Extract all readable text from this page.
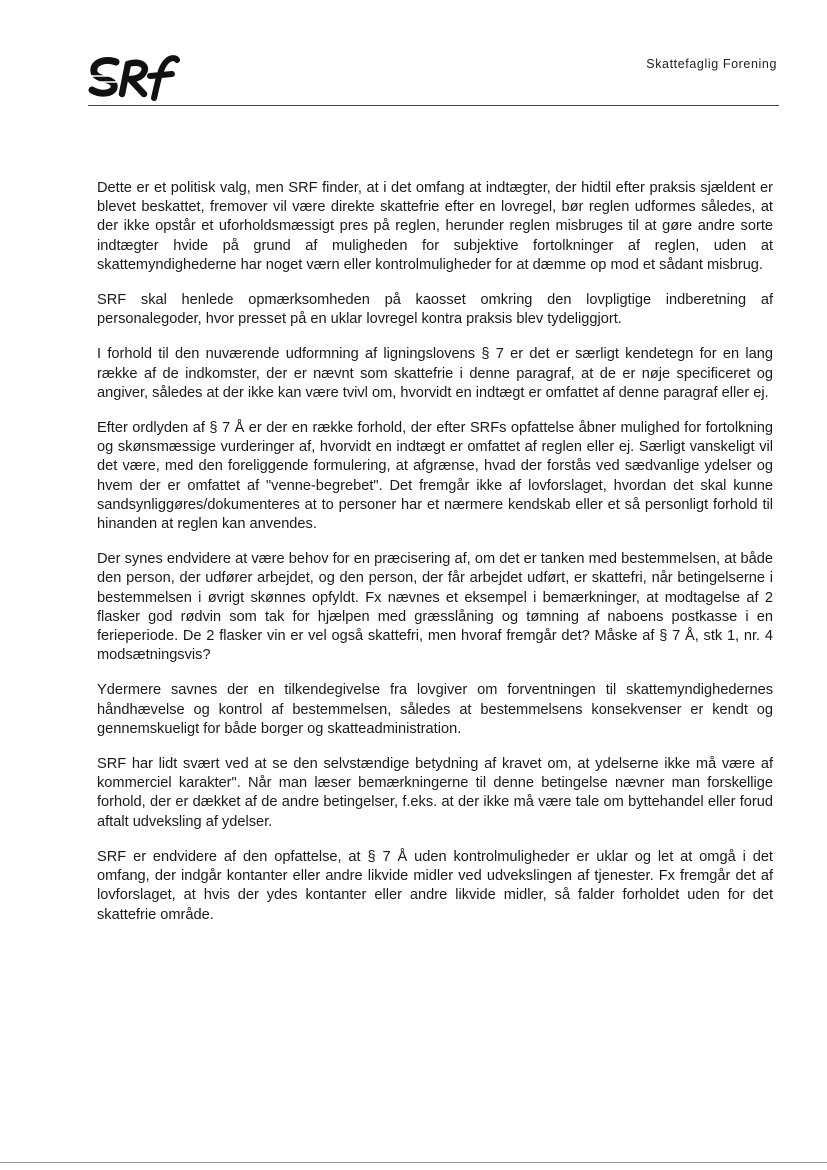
Skattefaglig Forening

Dette er et politisk valg, men SRF finder, at i det omfang at indtægter, der hidtil efter praksis sjældent er blevet beskattet, fremover vil være direkte skattefrie efter en lovregel, bør reglen udformes således, at der ikke opstår et uforholdsmæssigt pres på reglen, herunder reglen misbruges til at gøre andre sorte indtægter hvide på grund af muligheden for subjektive fortolkninger af reglen, uden at skattemyndighederne har noget værn eller kontrolmuligheder for at dæmme op mod et sådant misbrug.

SRF skal henlede opmærksomheden på kaosset omkring den lovpligtige indberetning af personalegoder, hvor presset på en uklar lovregel kontra praksis blev tydeliggjort.

I forhold til den nuværende udformning af ligningslovens § 7 er det er særligt kendetegn for en lang række af de indkomster, der er nævnt som skattefrie i denne paragraf, at de er nøje specificeret og angiver, således at der ikke kan være tvivl om, hvorvidt en indtægt er omfattet af denne paragraf eller ej.

Efter ordlyden af § 7 Å er der en række forhold, der efter SRFs opfattelse åbner mulighed for fortolkning og skønsmæssige vurderinger af, hvorvidt en indtægt er omfattet af reglen eller ej. Særligt vanskeligt vil det være, med den foreliggende formulering, at afgrænse, hvad der forstås ved sædvanlige ydelser og hvem der er omfattet af "venne-begrebet". Det fremgår ikke af lovforslaget, hvordan det skal kunne sandsynliggøres/dokumenteres at to personer har et nærmere kendskab eller et så personligt forhold til hinanden at reglen kan anvendes.

Der synes endvidere at være behov for en præcisering af, om det er tanken med bestemmelsen, at både den person, der udfører arbejdet, og den person, der får arbejdet udført, er skattefri, når betingelserne i bestemmelsen i øvrigt skønnes opfyldt. Fx nævnes et eksempel i bemærkninger, at modtagelse af 2 flasker god rødvin som tak for hjælpen med græsslåning og tømning af naboens postkasse i en ferieperiode. De 2 flasker vin er vel også skattefri, men hvoraf fremgår det? Måske af § 7 Å, stk 1, nr. 4 modsætningsvis?

Ydermere savnes der en tilkendegivelse fra lovgiver om forventningen til skattemyndighedernes håndhævelse og kontrol af bestemmelsen, således at bestemmelsens konsekvenser er kendt og gennemskueligt for både borger og skatteadministration.

SRF har lidt svært ved at se den selvstændige betydning af kravet om, at ydelserne ikke må være af kommerciel karakter". Når man læser bemærkningerne til denne betingelse nævner man forskellige forhold, der er dækket af de andre betingelser, f.eks. at der ikke må være tale om byttehandel eller forud aftalt udveksling af ydelser.

SRF er endvidere af den opfattelse, at § 7 Å uden kontrolmuligheder er uklar og let at omgå i det omfang, der indgår kontanter eller andre likvide midler ved udvekslingen af tjenester. Fx fremgår det af lovforslaget, at hvis der ydes kontanter eller andre likvide midler, så falder forholdet uden for det skattefrie område.
